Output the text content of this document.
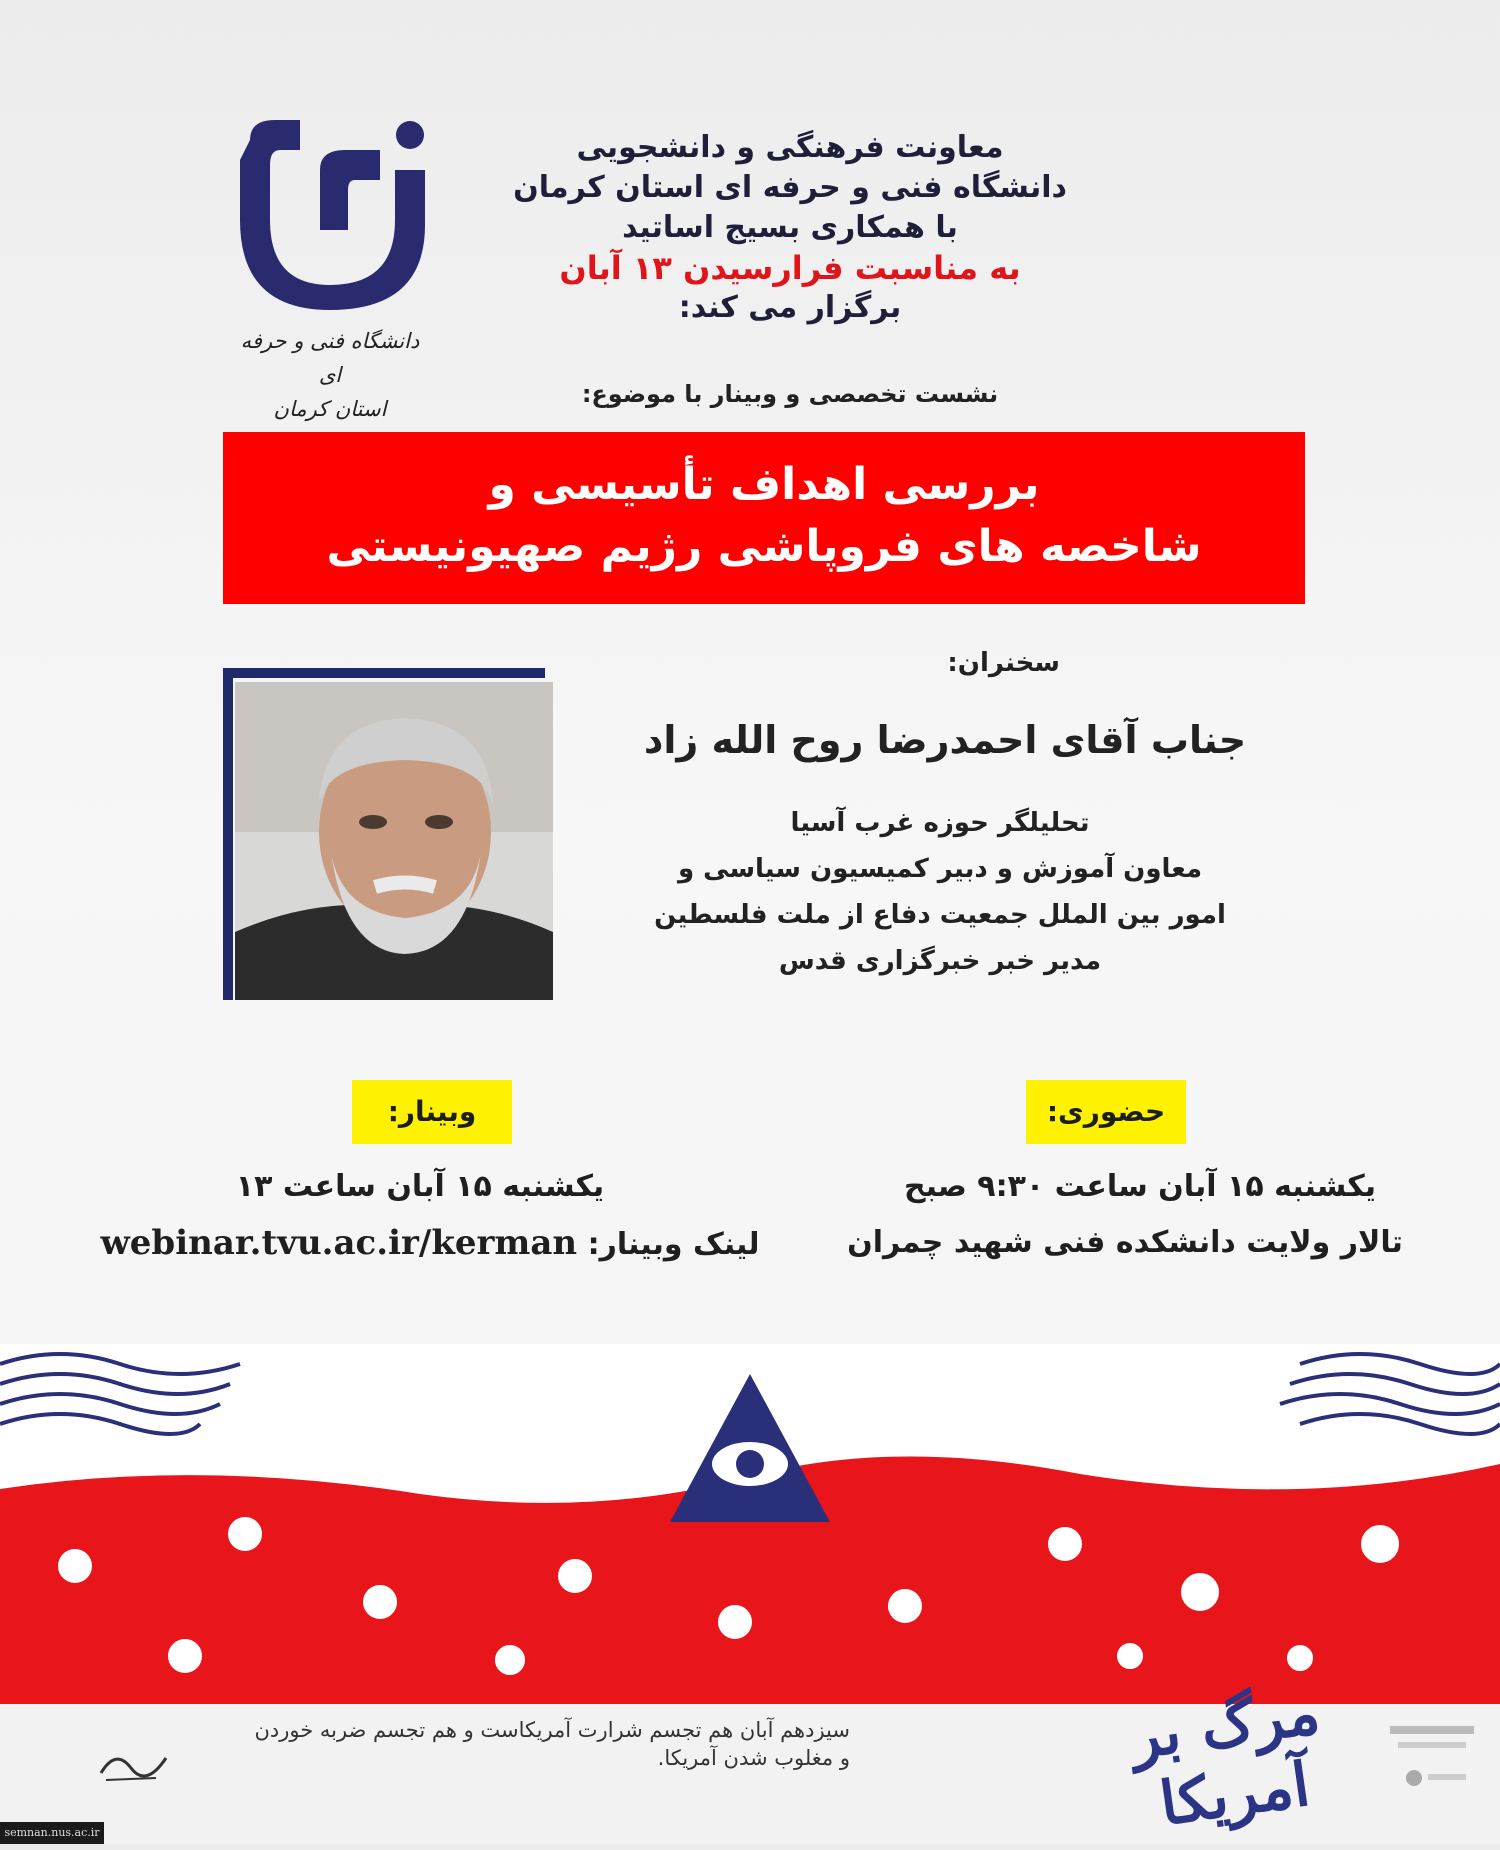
دانشگاه فنی و حرفه ای
استان کرمان
معاونت فرهنگی و دانشجویی
دانشگاه فنی و حرفه ای استان کرمان
با همکاری بسیج اساتید
به مناسبت فرارسیدن ۱۳ آبان
برگزار می کند:
نشست تخصصی و وبینار با موضوع:
بررسی اهداف تأسیسی و
شاخصه های فروپاشی رژیم صهیونیستی
سخنران:
جناب آقای احمدرضا روح الله زاد
تحلیلگر حوزه غرب آسیا
معاون آموزش و دبیر کمیسیون سیاسی و
امور بین الملل جمعیت دفاع از ملت فلسطین
مدیر خبر خبرگزاری قدس
حضوری:
وبینار:
یکشنبه ۱۵ آبان ساعت ۹:۳۰ صبح
تالار ولایت دانشکده فنی شهید چمران
یکشنبه ۱۵ آبان ساعت ۱۳
لینک وبینار: webinar.tvu.ac.ir/kerman
سیزدهم آبان هم تجسم شرارت آمریکاست و هم تجسم ضربه خوردن
و مغلوب شدن آمریکا.	مرگ بر آمریکا
semnan.nus.ac.ir
